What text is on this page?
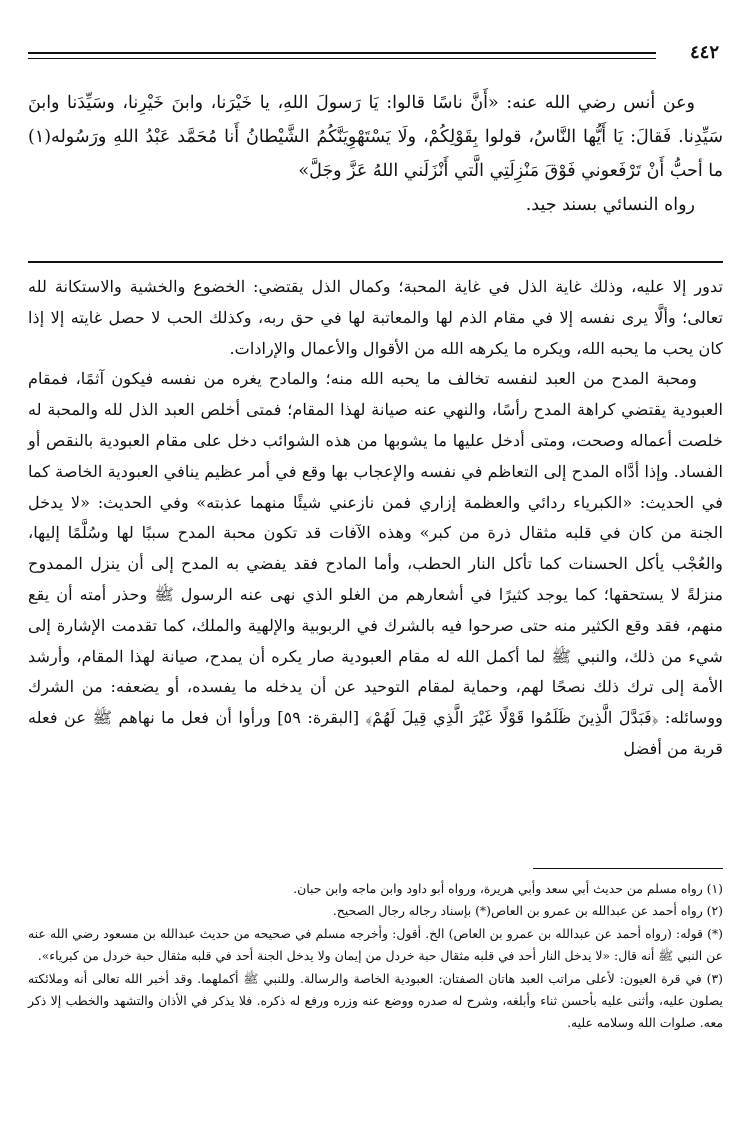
٤٤٢

وعن أنس رضي الله عنه: «أَنَّ ناسًا قالوا: يَا رَسولَ اللهِ، يا خَيْرَنا، وابنَ خَيْرِنا، وسَيِّدَنا وابنَ سَيِّدِنا. فَقالَ: يَا أَيُّها النَّاسُ، قولوا بِقَوْلِكُمْ، ولَا يَسْتَهْوِيَنَّكُمُ الشَّيْطانُ أَنا مُحَمَّد عَبْدُ اللهِ ورَسُوله(١) ما أحبُّ أَنْ تَرْفَعوني فَوْقَ مَنْزِلَتِي الَّتي أَنْزَلَني اللهُ عَزَّ وجَلَّ»

رواه النسائي بسند جيد.

تدور إلا عليه، وذلك غاية الذل في غاية المحبة؛ وكمال الذل يقتضي: الخضوع والخشية والاستكانة لله تعالى؛ وألَّا يرى نفسه إلا في مقام الذم لها والمعاتبة لها في حق ربه، وكذلك الحب لا حصل غايته إلا إذا كان يحب ما يحبه الله، ويكره ما يكرهه الله من الأقوال والأعمال والإرادات.

ومحبة المدح من العبد لنفسه تخالف ما يحبه الله منه؛ والمادح يغره من نفسه فيكون آثمًا، فمقام العبودية يقتضي كراهة المدح رأسًا، والنهي عنه صيانة لهذا المقام؛ فمتى أخلص العبد الذل لله والمحبة له خلصت أعماله وصحت، ومتى أدخل عليها ما يشوبها من هذه الشوائب دخل على مقام العبودية بالنقص أو الفساد. وإذا أدَّاه المدح إلى التعاظم في نفسه والإعجاب بها وقع في أمر عظيم ينافي العبودية الخاصة كما في الحديث: «الكبرياء ردائي والعظمة إزاري فمن نازعني شيئًا منهما عذبته» وفي الحديث: «لا يدخل الجنة من كان في قلبه مثقال ذرة من كبر» وهذه الآفات قد تكون محبة المدح سببًا لها وسُلَّمًا إليها، والعُجْب يأكل الحسنات كما تأكل النار الحطب، وأما المادح فقد يفضي به المدح إلى أن ينزل الممدوح منزلةً لا يستحقها؛ كما يوجد كثيرًا في أشعارهم من الغلو الذي نهى عنه الرسول ﷺ وحذر أمته أن يقع منهم، فقد وقع الكثير منه حتى صرحوا فيه بالشرك في الربوبية والإلهية والملك، كما تقدمت الإشارة إلى شيء من ذلك، والنبي ﷺ لما أكمل الله له مقام العبودية صار يكره أن يمدح، صيانة لهذا المقام، وأرشد الأمة إلى ترك ذلك نصحًا لهم، وحماية لمقام التوحيد عن أن يدخله ما يفسده، أو يضعفه: من الشرك ووسائله: ﴿فَبَدَّلَ الَّذِينَ ظَلَمُوا قَوْلًا غَيْرَ الَّذِي قِيلَ لَهُمْ﴾ [البقرة: ٥٩] ورأوا أن فعل ما نهاهم ﷺ عن فعله قربة من أفضل

(١) رواه مسلم من حديث أبي سعد وأبي هريرة، ورواه أبو داود وابن ماجه وابن حبان.

(٢) رواه أحمد عن عبدالله بن عمرو بن العاص(*) بإسناد رجاله رجال الصحيح.

(*) قوله: (رواه أحمد عن عبدالله بن عمرو بن العاص) الخ. أقول: وأخرجه مسلم في صحيحه من حديث عبدالله بن مسعود رضي الله عنه عن النبي ﷺ أنه قال: «لا يدخل النار أحد في قلبه مثقال حبة خردل من إيمان ولا يدخل الجنة أحد في قلبه مثقال حبة خردل من كبرياء».

(٣) في قرة العيون: لأعلى مراتب العبد هاتان الصفتان: العبودية الخاصة والرسالة. وللنبي ﷺ أكملهما. وقد أخبر الله تعالى أنه وملائكته يصلون عليه، وأثنى عليه بأحسن ثناء وأبلغه، وشرح له صدره ووضع عنه وزره ورفع له ذكره. فلا يذكر في الأذان والتشهد والخطب إلا ذكر معه. صلوات الله وسلامه عليه.
